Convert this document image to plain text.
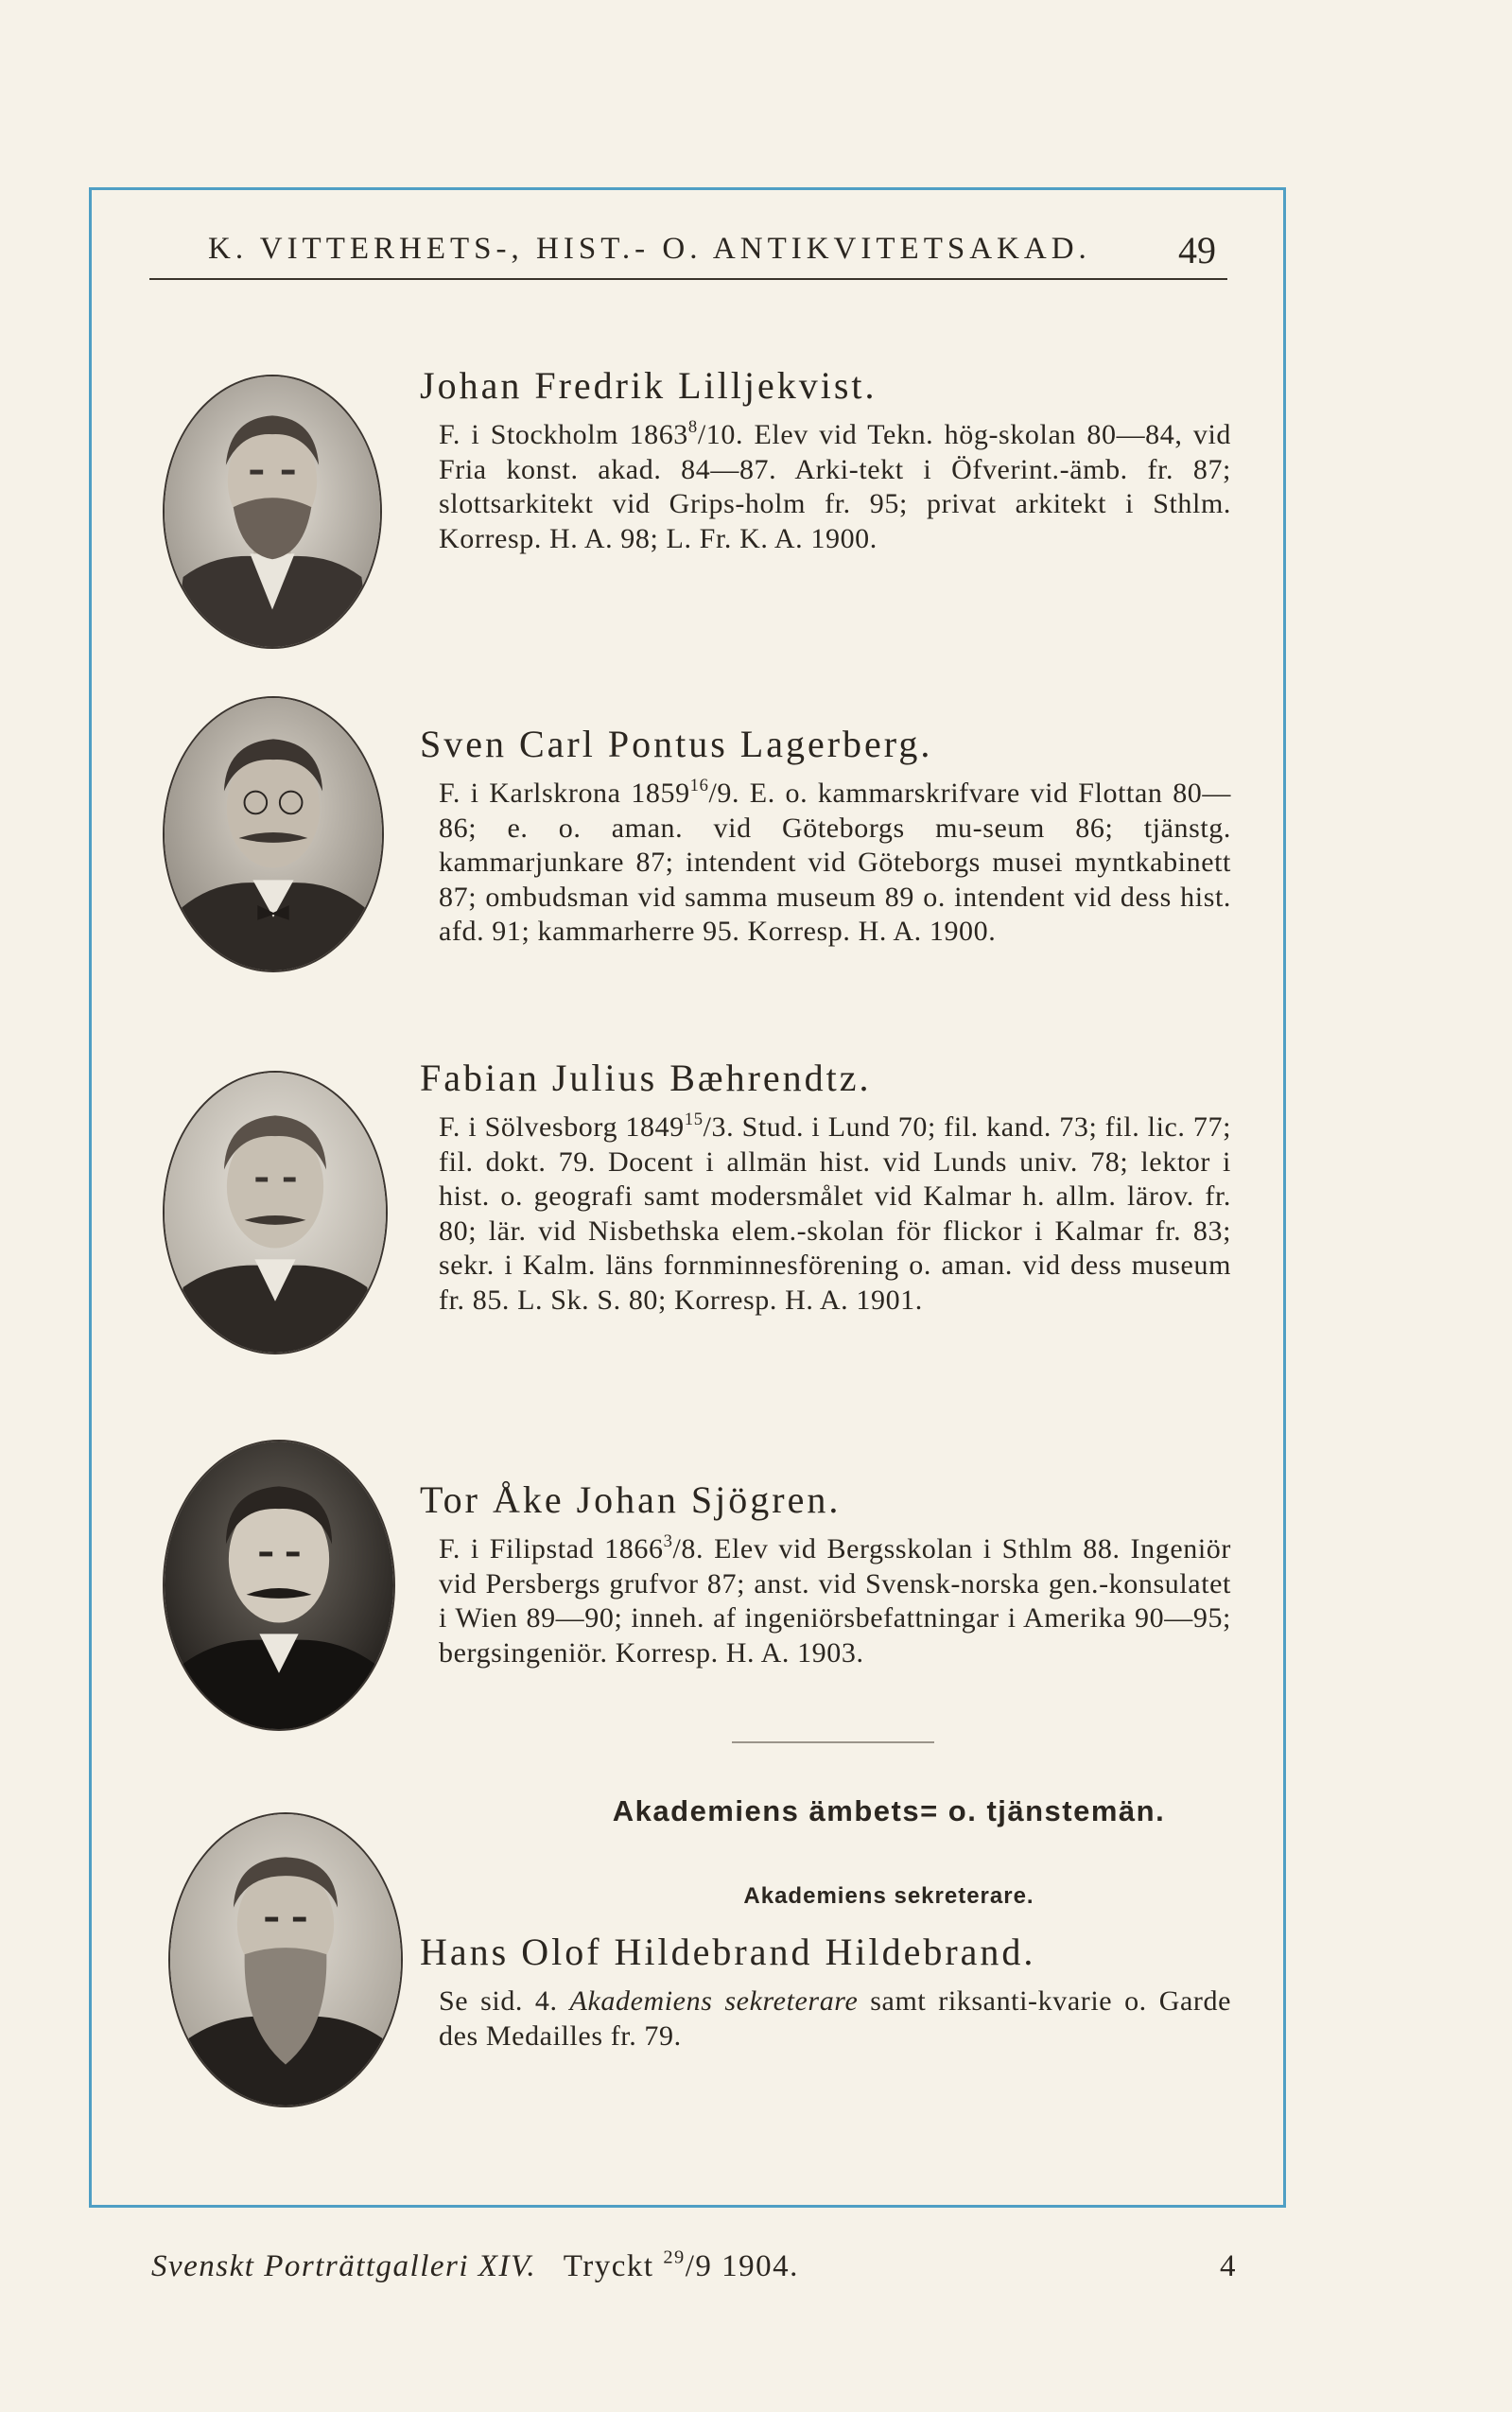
K. VITTERHETS-, HIST.- O. ANTIKVITETSAKAD. 49
Johan Fredrik Lilljekvist.
F. i Stockholm 1863$^8$/10. Elev vid Tekn. hög-skolan 80—84, vid Fria konst. akad. 84—87. Arki-tekt i Öfverint.-ämb. fr. 87; slottsarkitekt vid Grips-holm fr. 95; privat arkitekt i Sthlm. Korresp. H. A. 98; L. Fr. K. A. 1900.
Sven Carl Pontus Lagerberg.
F. i Karlskrona 1859$^{16}$/9. E. o. kammarskrifvare vid Flottan 80—86; e. o. aman. vid Göteborgs mu-seum 86; tjänstg. kammarjunkare 87; intendent vid Göteborgs musei myntkabinett 87; ombudsman vid samma museum 89 o. intendent vid dess hist. afd. 91; kammarherre 95. Korresp. H. A. 1900.
Fabian Julius Bæhrendtz.
F. i Sölvesborg 1849$^{15}$/3. Stud. i Lund 70; fil. kand. 73; fil. lic. 77; fil. dokt. 79. Docent i allmän hist. vid Lunds univ. 78; lektor i hist. o. geografi samt modersmålet vid Kalmar h. allm. lärov. fr. 80; lär. vid Nisbethska elem.-skolan för flickor i Kalmar fr. 83; sekr. i Kalm. läns fornminnesförening o. aman. vid dess museum fr. 85. L. Sk. S. 80; Korresp. H. A. 1901.
Tor Åke Johan Sjögren.
F. i Filipstad 1866$^3$/8. Elev vid Bergsskolan i Sthlm 88. Ingeniör vid Persbergs grufvor 87; anst. vid Svensk-norska gen.-konsulatet i Wien 89—90; inneh. af ingeniörsbefattningar i Amerika 90—95; bergsingeniör. Korresp. H. A. 1903.
Akademiens ämbets= o. tjänstemän.
Akademiens sekreterare.
Hans Olof Hildebrand Hildebrand.
Se sid. 4. Akademiens sekreterare samt riksanti-kvarie o. Garde des Medailles fr. 79.
Svenskt Porträttgalleri XIV. Tryckt $^{29}$/9 1904.	4
